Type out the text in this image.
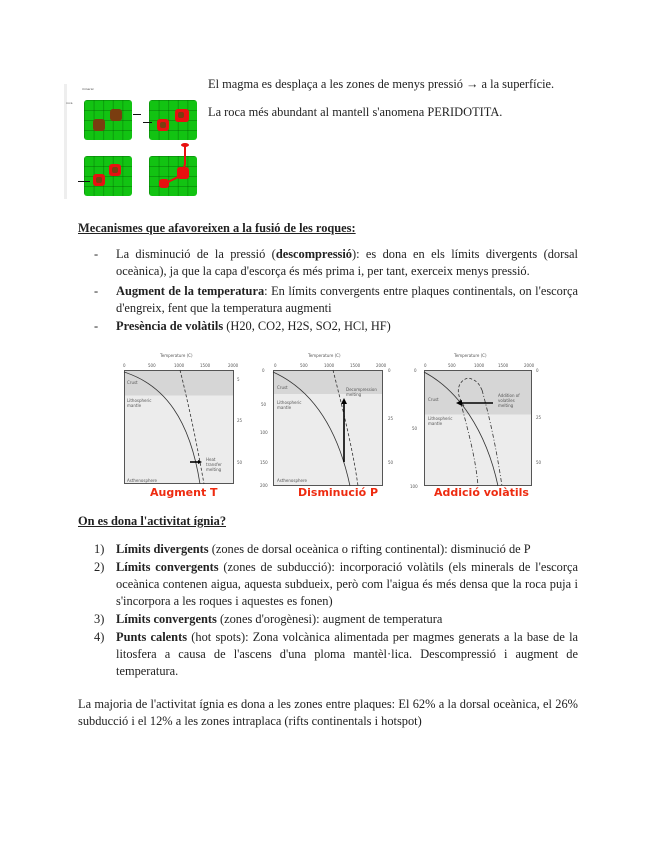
mineral
roca
El magma es desplaça a les zones de menys pressió → a la superfície.
La roca més abundant al mantell s'anomena PERIDOTITA.
Mecanismes que afavoreixen a la fusió de les roques:
- La disminució de la pressió (descompressió): es dona en els límits divergents (dorsal oceànica), ja que la capa d'escorça és més prima i, per tant, exerceix menys pressió.
- Augment de la temperatura: En límits convergents entre plaques continentals, on l'escorça d'engreix, fent que la temperatura augmenti
- Presència de volàtils (H20, CO2, H2S, SO2, HCl, HF)
Temperature (C)
0	500	1000	1500	2000
Crust
Lithospheric mantle
Asthenosphere
5
25
50
Heat transfer melting
Augment T
Temperature (C)
0	500	1000	1500	2000
0
50
100
150
200
Crust
Lithospheric mantle
Asthenosphere
0
25
50
Decompression melting
Disminució P
Temperature (C)
0	500	1000	1500	2000
0
50
100
Crust
Lithospheric mantle
0
25
50
Addition of volatiles melting
Addició volàtils
On es dona l'activitat ígnia?
1) Límits divergents (zones de dorsal oceànica o rifting continental): disminució de P
2) Límits convergents (zones de subducció): incorporació volàtils (els minerals de l'escorça oceànica contenen aigua, aquesta subdueix, però com l'aigua és més densa que la roca puja i s'incorpora a les roques i aquestes es fonen)
3) Límits convergents (zones d'orogènesi): augment de temperatura
4) Punts calents (hot spots): Zona volcànica alimentada per magmes generats a la base de la litosfera a causa de l'ascens d'una ploma mantèl·lica. Descompressió i augment de temperatura.
La majoria de l'activitat ígnia es dona a les zones entre plaques: El 62% a la dorsal oceànica, el 26% subducció i el 12% a les zones intraplaca (rifts continentals i hotspot)
